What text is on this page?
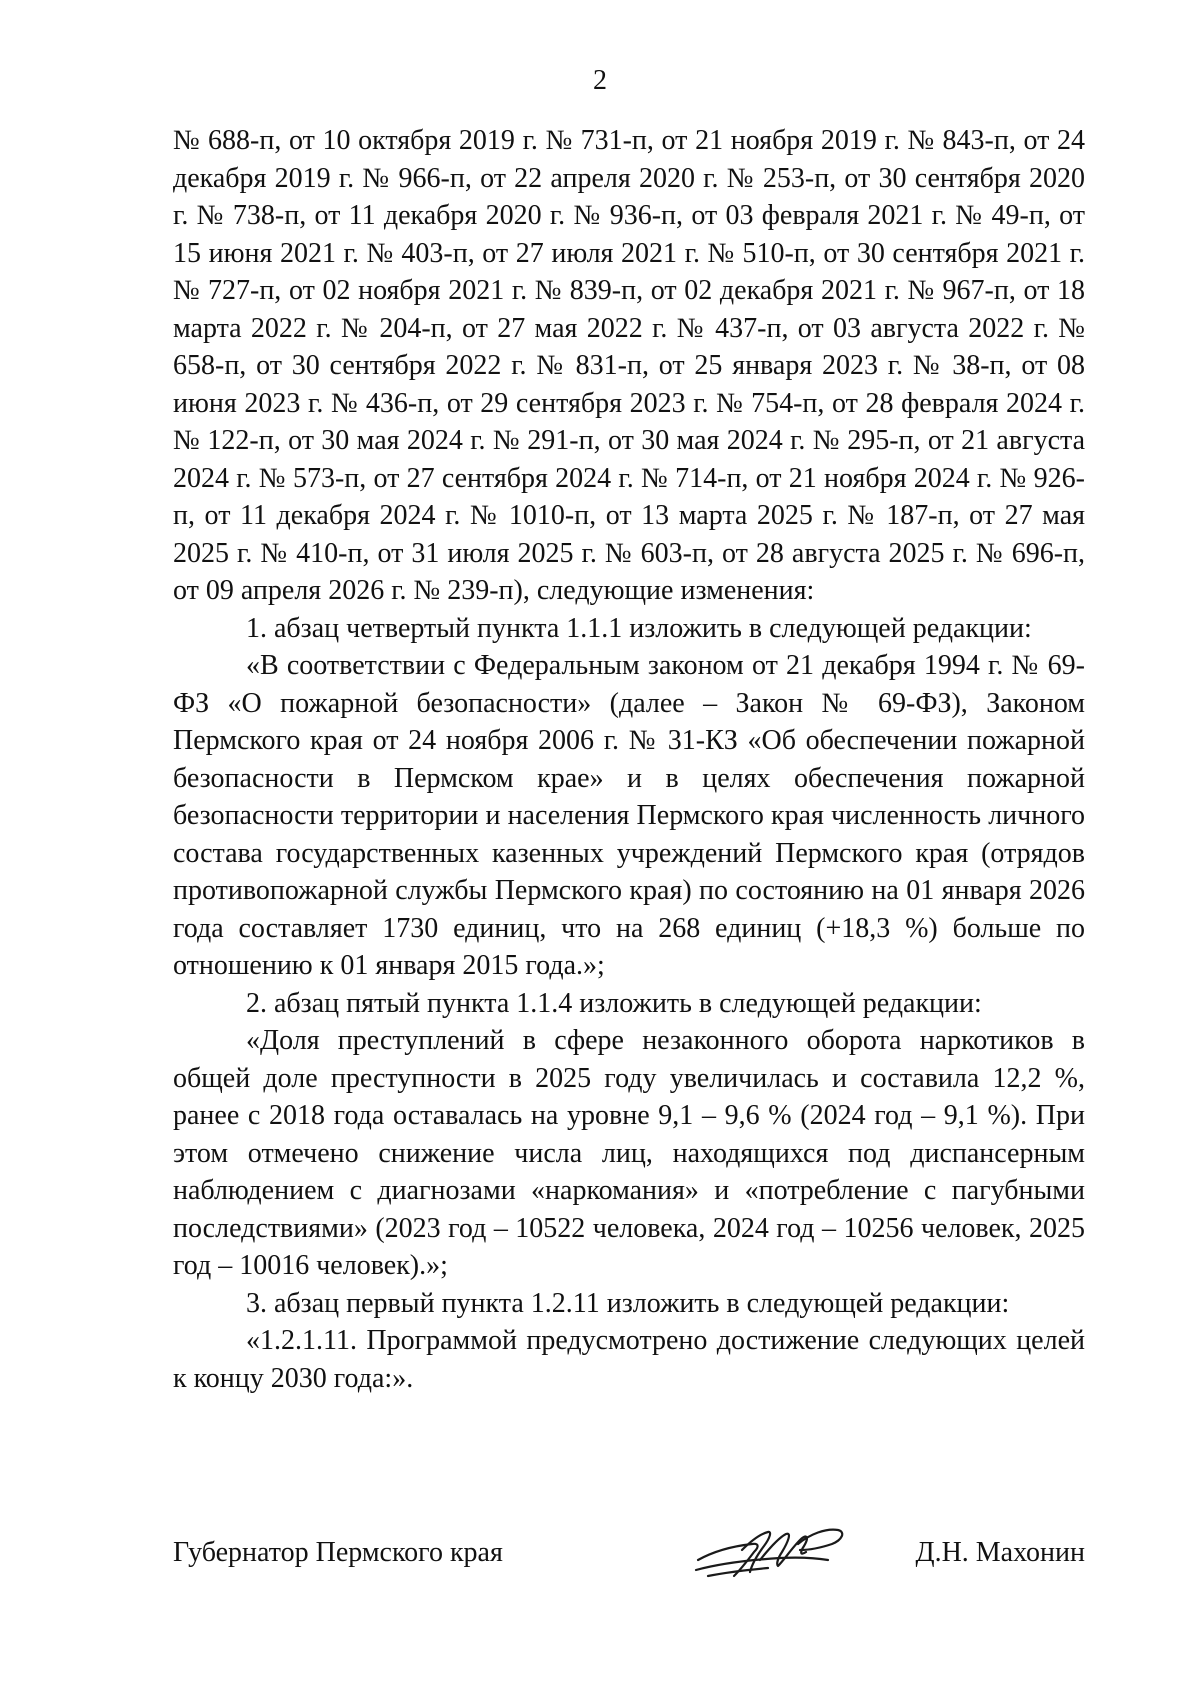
2

№ 688-п, от 10 октября 2019 г. № 731-п, от 21 ноября 2019 г. № 843-п, от 24 декабря 2019 г. № 966-п, от 22 апреля 2020 г. № 253-п, от 30 сентября 2020 г. № 738-п, от 11 декабря 2020 г. № 936-п, от 03 февраля 2021 г. № 49-п, от 15 июня 2021 г. № 403-п, от 27 июля 2021 г. № 510-п, от 30 сентября 2021 г. № 727-п, от 02 ноября 2021 г. № 839-п, от 02 декабря 2021 г. № 967-п, от 18 марта 2022 г. № 204-п, от 27 мая 2022 г. № 437-п, от 03 августа 2022 г. № 658-п, от 30 сентября 2022 г. № 831-п, от 25 января 2023 г. № 38-п, от 08 июня 2023 г. № 436-п, от 29 сентября 2023 г. № 754-п, от 28 февраля 2024 г. № 122-п, от 30 мая 2024 г. № 291-п, от 30 мая 2024 г. № 295-п, от 21 августа 2024 г. № 573-п, от 27 сентября 2024 г. № 714-п, от 21 ноября 2024 г. № 926-п, от 11 декабря 2024 г. № 1010-п, от 13 марта 2025 г. № 187-п, от 27 мая 2025 г. № 410-п, от 31 июля 2025 г. № 603-п, от 28 августа 2025 г. № 696-п, от 09 апреля 2026 г. № 239-п), следующие изменения:

1. абзац четвертый пункта 1.1.1 изложить в следующей редакции:

«В соответствии с Федеральным законом от 21 декабря 1994 г. № 69-ФЗ «О пожарной безопасности» (далее – Закон № 69-ФЗ), Законом Пермского края от 24 ноября 2006 г. № 31-КЗ «Об обеспечении пожарной безопасности в Пермском крае» и в целях обеспечения пожарной безопасности территории и населения Пермского края численность личного состава государственных казенных учреждений Пермского края (отрядов противопожарной службы Пермского края) по состоянию на 01 января 2026 года составляет 1730 единиц, что на 268 единиц (+18,3 %) больше по отношению к 01 января 2015 года.»;

2. абзац пятый пункта 1.1.4 изложить в следующей редакции:

«Доля преступлений в сфере незаконного оборота наркотиков в общей доле преступности в 2025 году увеличилась и составила 12,2 %, ранее с 2018 года оставалась на уровне 9,1 – 9,6 % (2024 год – 9,1 %). При этом отмечено снижение числа лиц, находящихся под диспансерным наблюдением с диагнозами «наркомания» и «потребление с пагубными последствиями» (2023 год – 10522 человека, 2024 год – 10256 человек, 2025 год – 10016 человек).»;

3. абзац первый пункта 1.2.11 изложить в следующей редакции:

«1.2.1.11. Программой предусмотрено достижение следующих целей к концу 2030 года:».

Губернатор Пермского края	Д.Н. Махонин
